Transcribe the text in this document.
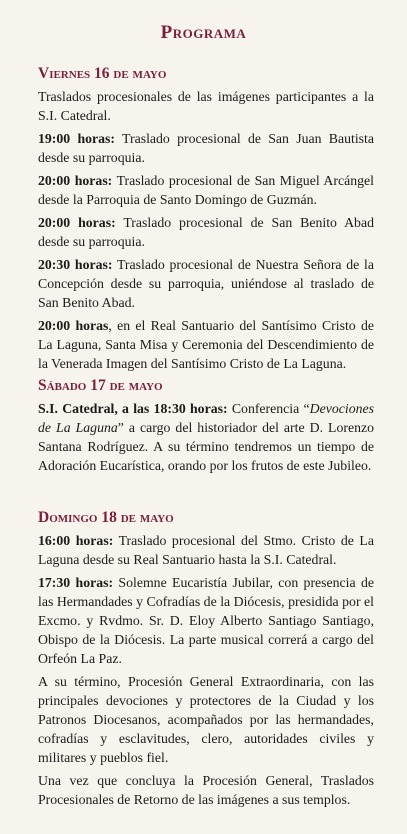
Programa
Viernes 16 de mayo

Traslados procesionales de las imágenes participantes a la S.I. Catedral.

19:00 horas: Traslado procesional de San Juan Bautista desde su parroquia.

20:00 horas: Traslado procesional de San Miguel Arcángel desde la Parroquia de Santo Domingo de Guzmán.

20:00 horas: Traslado procesional de San Benito Abad desde su parroquia.

20:30 horas: Traslado procesional de Nuestra Señora de la Concepción desde su parroquia, uniéndose al traslado de San Benito Abad.

20:00 horas, en el Real Santuario del Santísimo Cristo de La Laguna, Santa Misa y Ceremonia del Descendimiento de la Venerada Imagen del Santísimo Cristo de La Laguna.

Sábado 17 de mayo

S.I. Catedral, a las 18:30 horas: Conferencia “Devociones de La Laguna” a cargo del historiador del arte D. Lorenzo Santana Rodríguez. A su término tendremos un tiempo de Adoración Eucarística, orando por los frutos de este Jubileo.

Domingo 18 de mayo

16:00 horas: Traslado procesional del Stmo. Cristo de La Laguna desde su Real Santuario hasta la S.I. Catedral.

17:30 horas: Solemne Eucaristía Jubilar, con presencia de las Hermandades y Cofradías de la Diócesis, presidida por el Excmo. y Rvdmo. Sr. D. Eloy Alberto Santiago Santiago, Obispo de la Diócesis. La parte musical correrá a cargo del Orfeón La Paz.

A su término, Procesión General Extraordinaria, con las principales devociones y protectores de la Ciudad y los Patronos Diocesanos, acompañados por las hermandades, cofradías y esclavitudes, clero, autoridades civiles y militares y pueblos fiel.

Una vez que concluya la Procesión General, Traslados Procesionales de Retorno de las imágenes a sus templos.
